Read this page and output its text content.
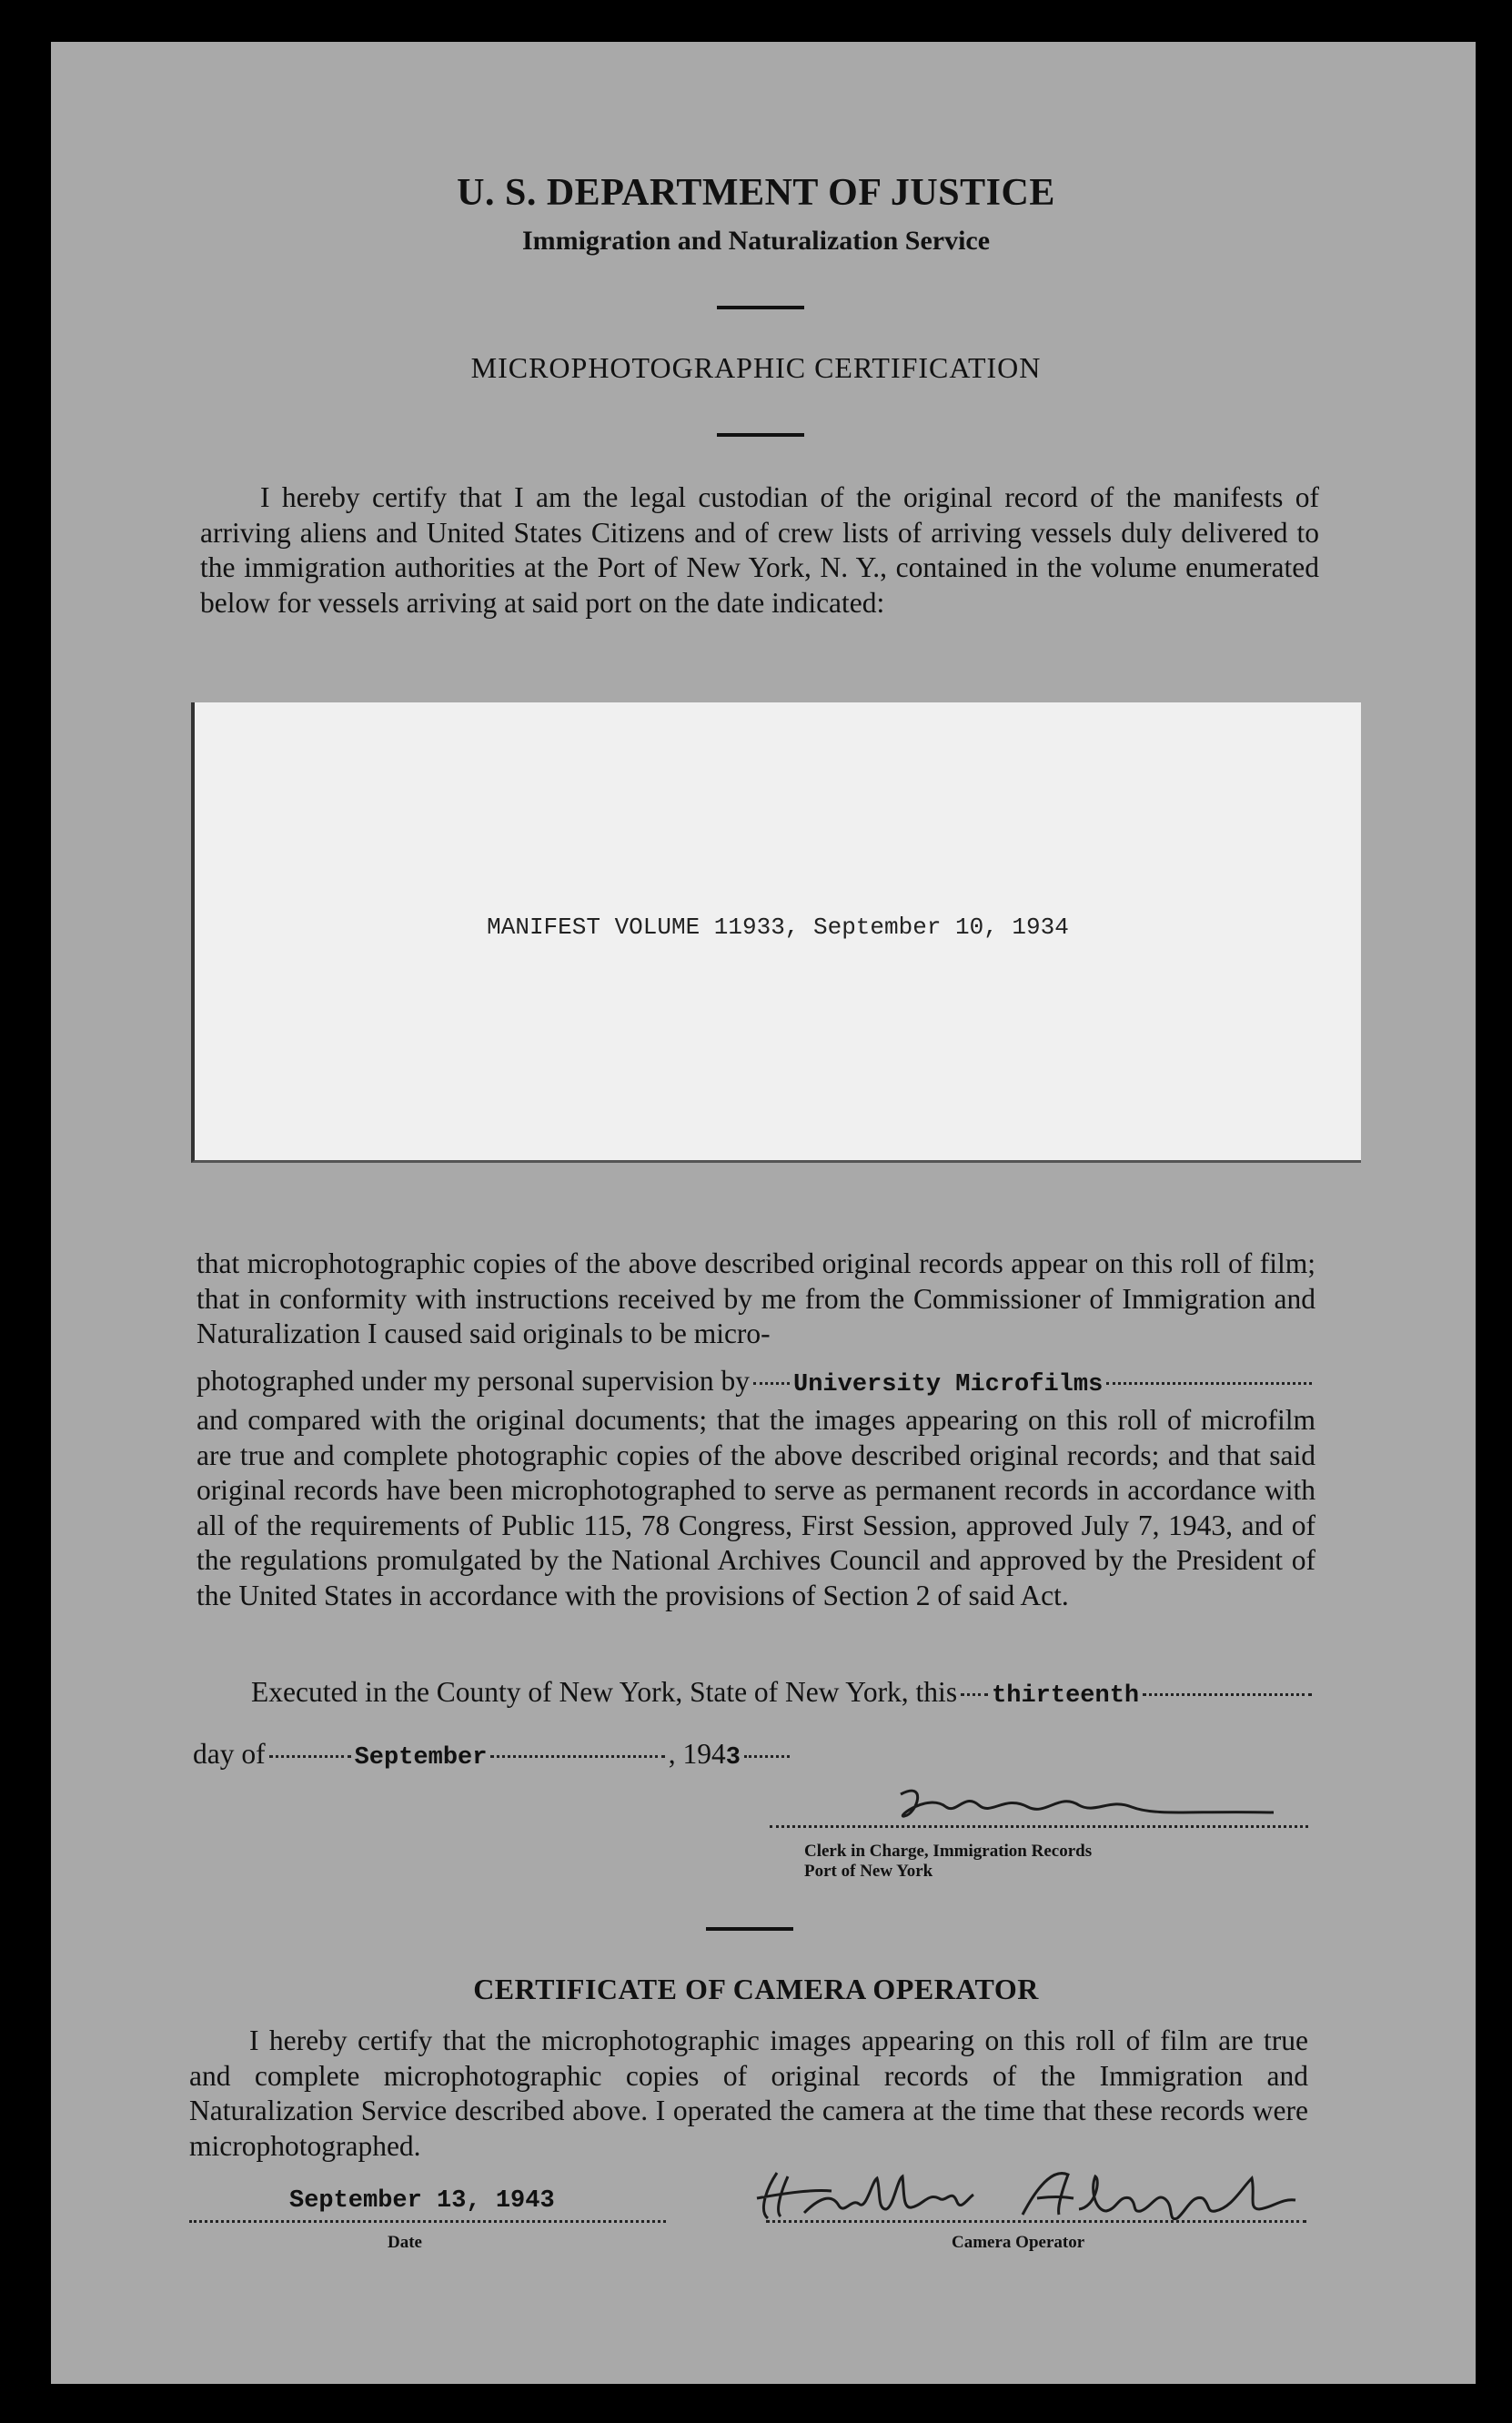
U. S. DEPARTMENT OF JUSTICE
Immigration and Naturalization Service
MICROPHOTOGRAPHIC CERTIFICATION
I hereby certify that I am the legal custodian of the original record of the manifests of arriving aliens and United States Citizens and of crew lists of arriving vessels duly delivered to the immigration authorities at the Port of New York, N. Y., contained in the volume enumerated below for vessels arriving at said port on the date indicated:
MANIFEST VOLUME 11933, September 10, 1934
that microphotographic copies of the above described original records appear on this roll of film; that in conformity with instructions received by me from the Commissioner of Immigration and Naturalization I caused said originals to be micro-
photographed under my personal supervision by University Microfilms
and compared with the original documents; that the images appearing on this roll of microfilm are true and complete photographic copies of the above described original records; and that said original records have been microphotographed to serve as permanent records in accordance with all of the requirements of Public 115, 78 Congress, First Session, approved July 7, 1943, and of the regulations promulgated by the National Archives Council and approved by the President of the United States in accordance with the provisions of Section 2 of said Act.
Executed in the County of New York, State of New York, this thirteenth
day of	September	, 194 3
Clerk in Charge, Immigration Records
Port of New York
CERTIFICATE OF CAMERA OPERATOR
I hereby certify that the microphotographic images appearing on this roll of film are true and complete microphotographic copies of original records of the Immigration and Naturalization Service described above. I operated the camera at the time that these records were microphotographed.
September 13, 1943
Date	Camera Operator
